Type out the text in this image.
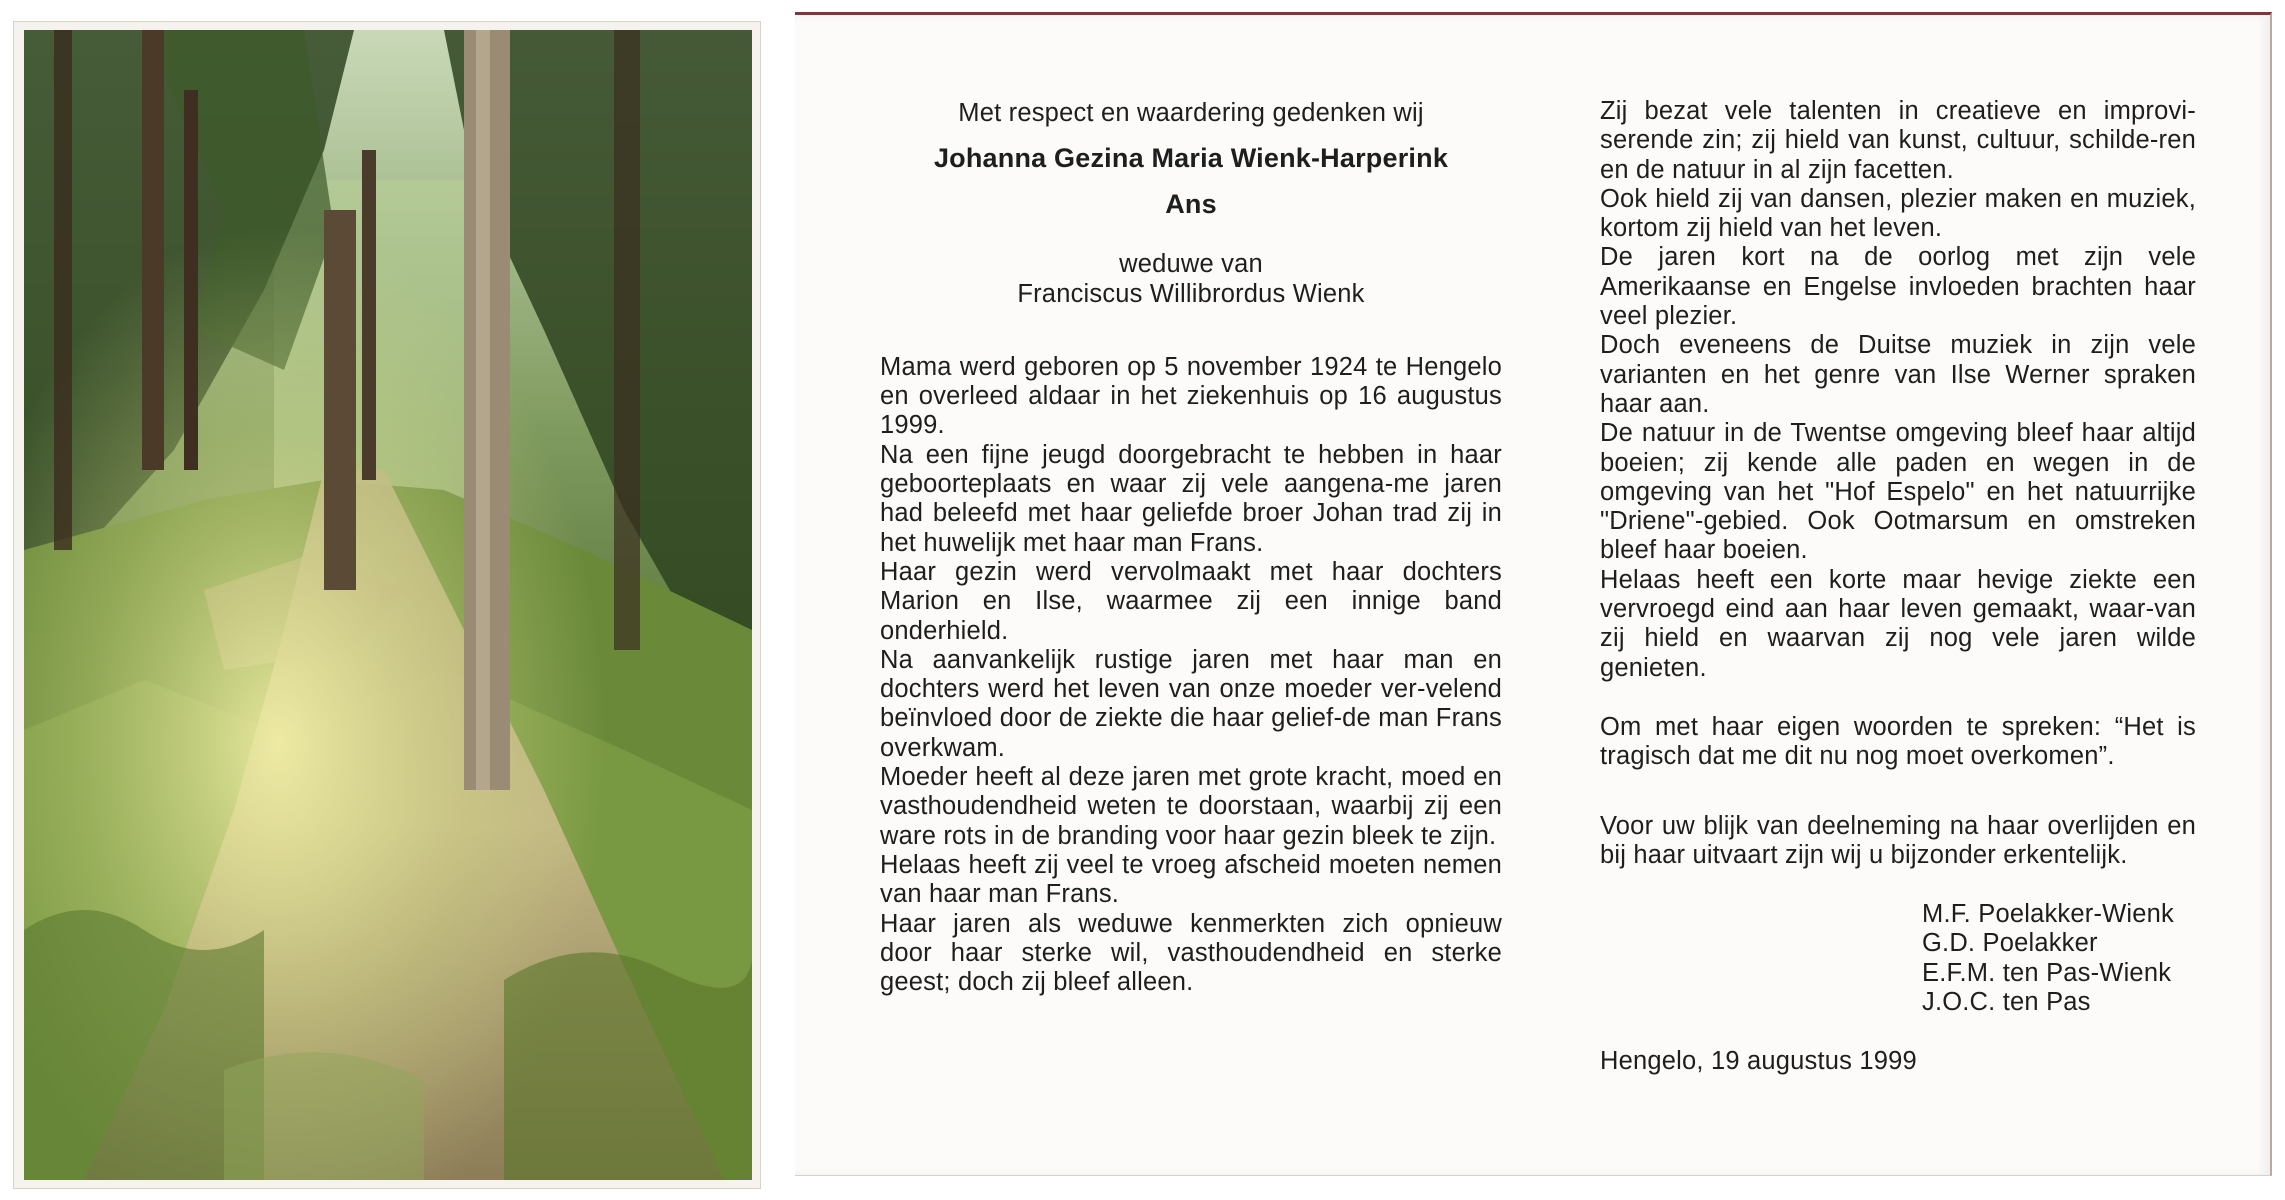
Met respect en waardering gedenken wij

Johanna Gezina Maria Wienk-Harperink

Ans

weduwe van

Franciscus Willibrordus Wienk

Mama werd geboren op 5 november 1924 te Hengelo en overleed aldaar in het ziekenhuis op 16 augustus 1999.

Na een fijne jeugd doorgebracht te hebben in haar geboorteplaats en waar zij vele aangena-me jaren had beleefd met haar geliefde broer Johan trad zij in het huwelijk met haar man Frans.

Haar gezin werd vervolmaakt met haar dochters Marion en Ilse, waarmee zij een innige band onderhield.

Na aanvankelijk rustige jaren met haar man en dochters werd het leven van onze moeder ver-velend beïnvloed door de ziekte die haar gelief-de man Frans overkwam.

Moeder heeft al deze jaren met grote kracht, moed en vasthoudendheid weten te doorstaan, waarbij zij een ware rots in de branding voor haar gezin bleek te zijn.

Helaas heeft zij veel te vroeg afscheid moeten nemen van haar man Frans.

Haar jaren als weduwe kenmerkten zich opnieuw door haar sterke wil, vasthoudendheid en sterke geest; doch zij bleef alleen.

Zij bezat vele talenten in creatieve en improvi-serende zin; zij hield van kunst, cultuur, schilde-ren en de natuur in al zijn facetten.

Ook hield zij van dansen, plezier maken en muziek, kortom zij hield van het leven.

De jaren kort na de oorlog met zijn vele Amerikaanse en Engelse invloeden brachten haar veel plezier.

Doch eveneens de Duitse muziek in zijn vele varianten en het genre van Ilse Werner spraken haar aan.

De natuur in de Twentse omgeving bleef haar altijd boeien; zij kende alle paden en wegen in de omgeving van het "Hof Espelo" en het natuurrijke "Driene"-gebied. Ook Ootmarsum en omstreken bleef haar boeien.

Helaas heeft een korte maar hevige ziekte een vervroegd eind aan haar leven gemaakt, waar-van zij hield en waarvan zij nog vele jaren wilde genieten.

Om met haar eigen woorden te spreken: “Het is tragisch dat me dit nu nog moet overkomen”.

Voor uw blijk van deelneming na haar overlijden en bij haar uitvaart zijn wij u bijzonder erkentelijk.

M.F. Poelakker-Wienk
G.D. Poelakker
E.F.M. ten Pas-Wienk
J.O.C. ten Pas

Hengelo, 19 augustus 1999
